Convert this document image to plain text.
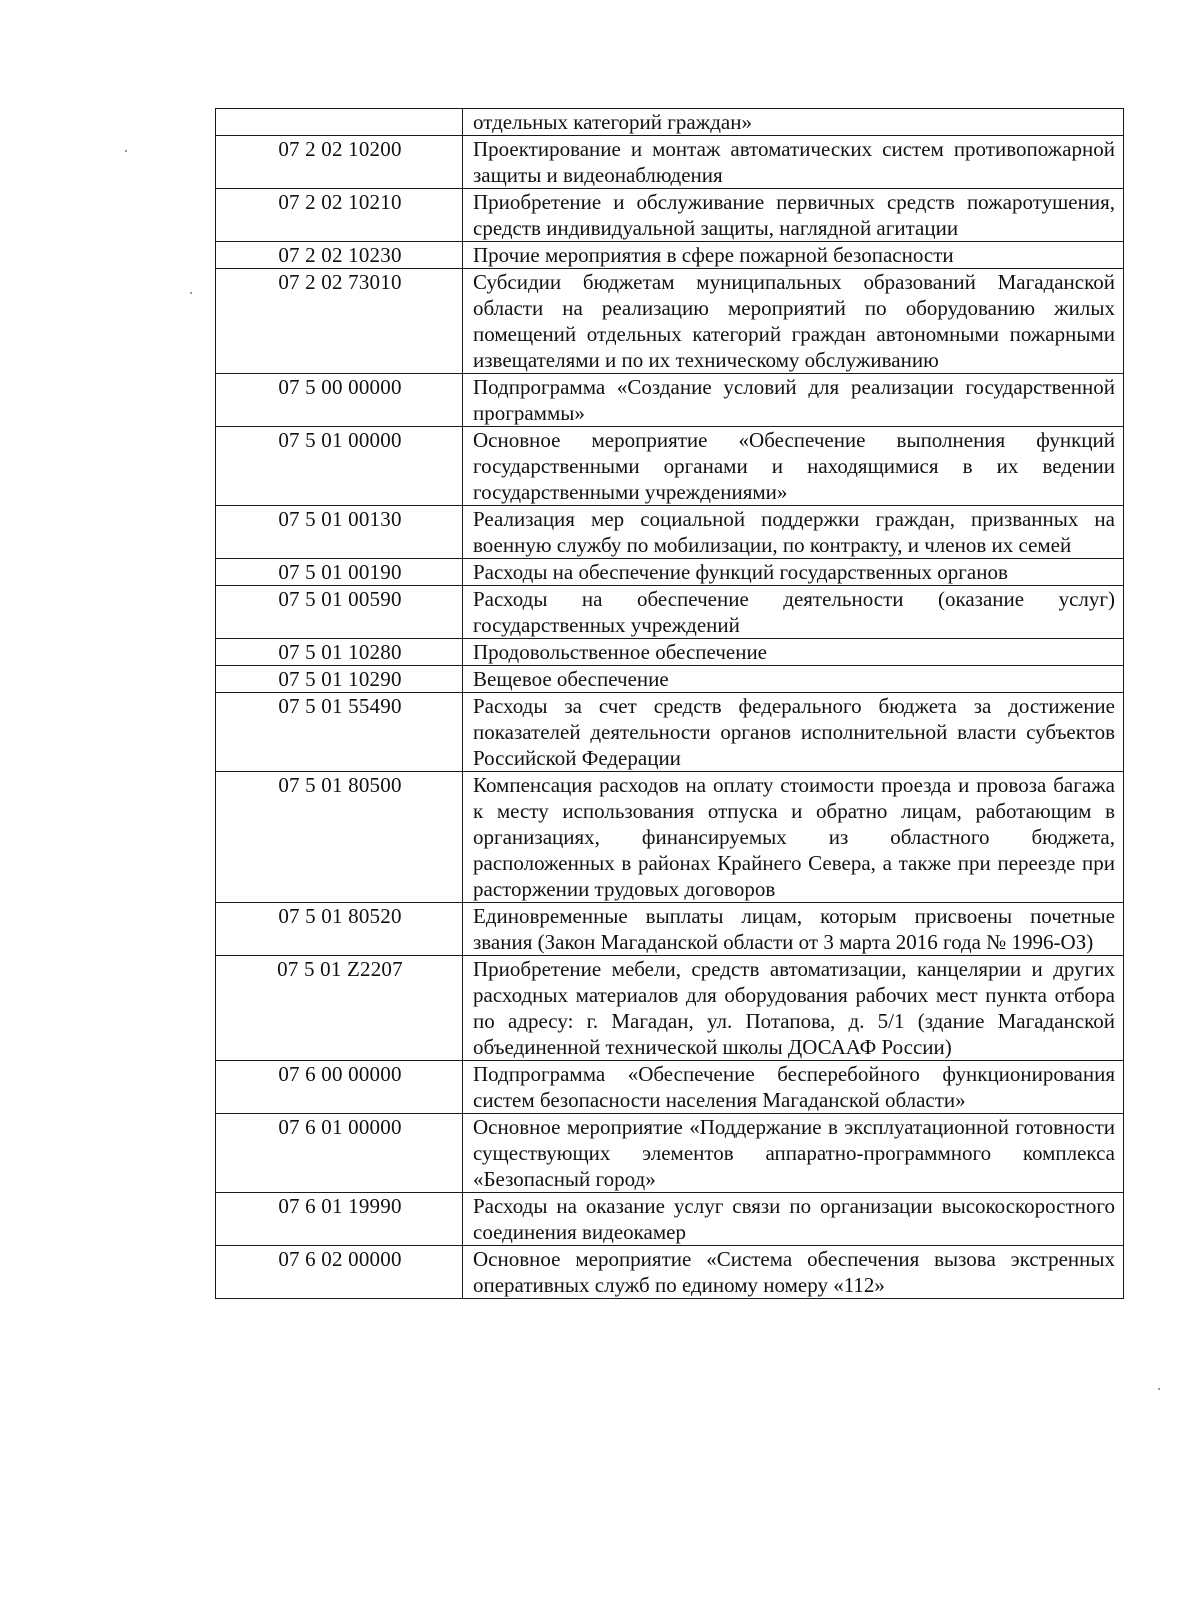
	отдельных категорий граждан»
07 2 02 10200	Проектирование и монтаж автоматических систем противопожарной защиты и видеонаблюдения
07 2 02 10210	Приобретение и обслуживание первичных средств пожаротушения, средств индивидуальной защиты, наглядной агитации
07 2 02 10230	Прочие мероприятия в сфере пожарной безопасности
07 2 02 73010	Субсидии бюджетам муниципальных образований Магаданской области на реализацию мероприятий по оборудованию жилых помещений отдельных категорий граждан автономными пожарными извещателями и по их техническому обслуживанию
07 5 00 00000	Подпрограмма «Создание условий для реализации государственной программы»
07 5 01 00000	Основное мероприятие «Обеспечение выполнения функций государственными органами и находящимися в их ведении государственными учреждениями»
07 5 01 00130	Реализация мер социальной поддержки граждан, призванных на военную службу по мобилизации, по контракту, и членов их семей
07 5 01 00190	Расходы на обеспечение функций государственных органов
07 5 01 00590	Расходы на обеспечение деятельности (оказание услуг) государственных учреждений
07 5 01 10280	Продовольственное обеспечение
07 5 01 10290	Вещевое обеспечение
07 5 01 55490	Расходы за счет средств федерального бюджета за достижение показателей деятельности органов исполнительной власти субъектов Российской Федерации
07 5 01 80500	Компенсация расходов на оплату стоимости проезда и провоза багажа к месту использования отпуска и обратно лицам, работающим в организациях, финансируемых из областного бюджета, расположенных в районах Крайнего Севера, а также при переезде при расторжении трудовых договоров
07 5 01 80520	Единовременные выплаты лицам, которым присвоены почетные звания (Закон Магаданской области от 3 марта 2016 года № 1996-ОЗ)
07 5 01 Z2207	Приобретение мебели, средств автоматизации, канцелярии и других расходных материалов для оборудования рабочих мест пункта отбора по адресу: г. Магадан, ул. Потапова, д. 5/1 (здание Магаданской объединенной технической школы ДОСААФ России)
07 6 00 00000	Подпрограмма «Обеспечение бесперебойного функционирования систем безопасности населения Магаданской области»
07 6 01 00000	Основное мероприятие «Поддержание в эксплуатационной готовности существующих элементов аппаратно-программного комплекса «Безопасный город»
07 6 01 19990	Расходы на оказание услуг связи по организации высокоскоростного соединения видеокамер
07 6 02 00000	Основное мероприятие «Система обеспечения вызова экстренных оперативных служб по единому номеру «112»
